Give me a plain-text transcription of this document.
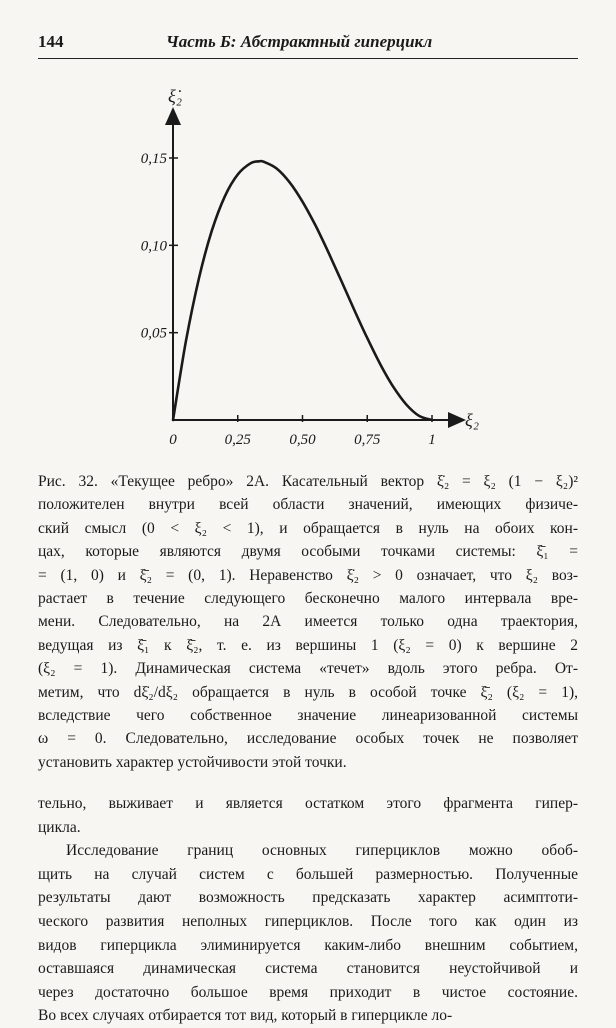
144	Часть Б: Абстрактный гиперцикл
ξ̇₂
ξ₂
0	0,25	0,50	0,75	1
0,05
0,10
0,15
Рис. 32. «Текущее ребро» 2А. Касательный вектор ξ̇₂ = ξ₂ (1 − ξ₂)²
положителен внутри всей области значений, имеющих физиче-
ский смысл (0 < ξ₂ < 1), и обращается в нуль на обоих кон-
цах, которые являются двумя особыми точками системы: ξ̄₁ =
= (1, 0) и ξ̄₂ = (0, 1). Неравенство ξ̇₂ > 0 означает, что ξ₂ воз-
растает в течение следующего бесконечно малого интервала вре-
мени. Следовательно, на 2А имеется только одна траектория,
ведущая из ξ̄₁ к ξ̄₂, т. е. из вершины 1 (ξ₂ = 0) к вершине 2
(ξ₂ = 1). Динамическая система «течет» вдоль этого ребра. От-
метим, что dξ̇₂/dξ₂ обращается в нуль в особой точке ξ̄₂ (ξ₂ = 1),
вследствие чего собственное значение линеаризованной системы
ω = 0. Следовательно, исследование особых точек не позволяет
установить характер устойчивости этой точки.
тельно, выживает и является остатком этого фрагмента гипер-
цикла.
Исследование границ основных гиперциклов можно обоб-
щить на случай систем с большей размерностью. Полученные
результаты дают возможность предсказать характер асимптоти-
ческого развития неполных гиперциклов. После того как один из
видов гиперцикла элиминируется каким-либо внешним событием,
оставшаяся динамическая система становится неустойчивой и
через достаточно большое время приходит в чистое состояние.
Во всех случаях отбирается тот вид, который в гиперцикле ло-
